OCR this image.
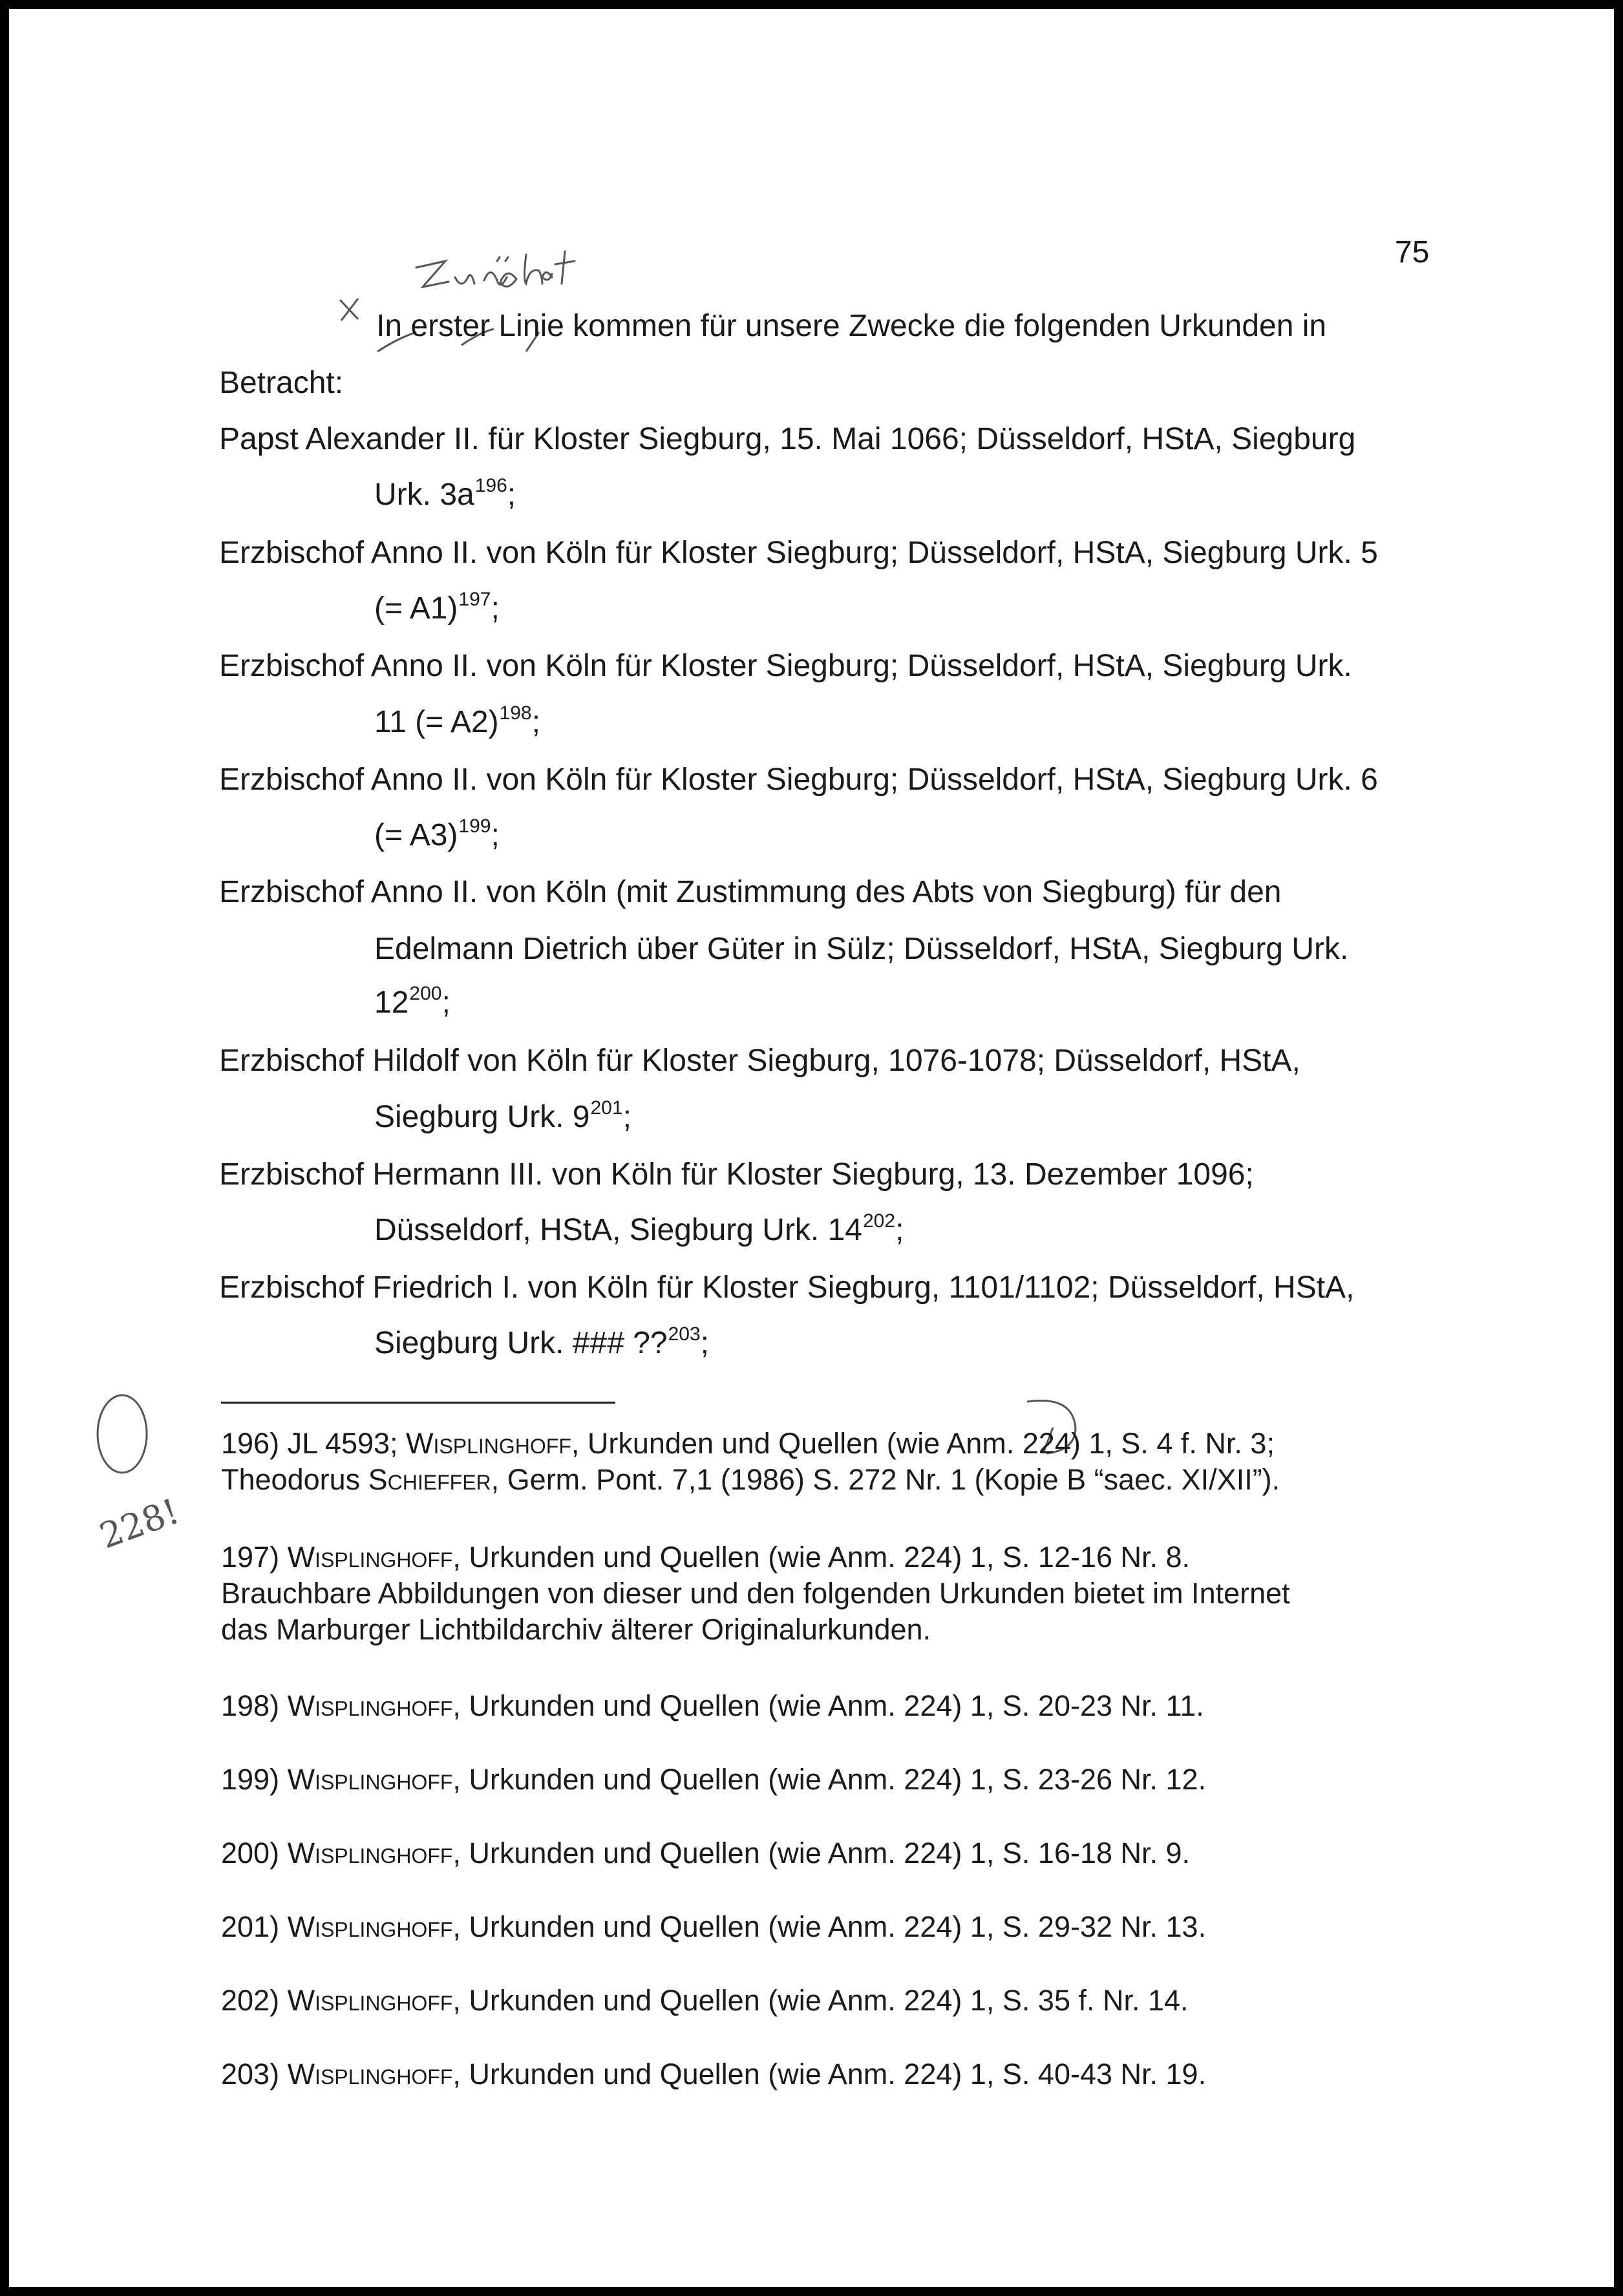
75
228!
In erster Linie kommen für unsere Zwecke die folgenden Urkunden in
Betracht:
Papst Alexander II. für Kloster Siegburg, 15. Mai 1066; Düsseldorf, HStA, Siegburg
Urk. $3a^{196}$;
Erzbischof Anno II. von Köln für Kloster Siegburg; Düsseldorf, HStA, Siegburg Urk. 5
(= A1)$^{197}$;
Erzbischof Anno II. von Köln für Kloster Siegburg; Düsseldorf, HStA, Siegburg Urk.
11 (= A2)$^{198}$;
Erzbischof Anno II. von Köln für Kloster Siegburg; Düsseldorf, HStA, Siegburg Urk. 6
(= A3)$^{199}$;
Erzbischof Anno II. von Köln (mit Zustimmung des Abts von Siegburg) für den
Edelmann Dietrich über Güter in Sülz; Düsseldorf, HStA, Siegburg Urk.
$12^{200}$;
Erzbischof Hildolf von Köln für Kloster Siegburg, 1076-1078; Düsseldorf, HStA,
Siegburg Urk. $9^{201}$;
Erzbischof Hermann III. von Köln für Kloster Siegburg, 13. Dezember 1096;
Düsseldorf, HStA, Siegburg Urk. $14^{202}$;
Erzbischof Friedrich I. von Köln für Kloster Siegburg, 1101/1102; Düsseldorf, HStA,
Siegburg Urk. ### ??$^{203}$;
196) JL 4593; Wisplinghoff, Urkunden und Quellen (wie Anm. 224) 1, S. 4 f. Nr. 3;
Theodorus Schieffer, Germ. Pont. 7,1 (1986) S. 272 Nr. 1 (Kopie B “saec. XI/XII”).
197) Wisplinghoff, Urkunden und Quellen (wie Anm. 224) 1, S. 12-16 Nr. 8.
Brauchbare Abbildungen von dieser und den folgenden Urkunden bietet im Internet
das Marburger Lichtbildarchiv älterer Originalurkunden.
198) Wisplinghoff, Urkunden und Quellen (wie Anm. 224) 1, S. 20-23 Nr. 11.
199) Wisplinghoff, Urkunden und Quellen (wie Anm. 224) 1, S. 23-26 Nr. 12.
200) Wisplinghoff, Urkunden und Quellen (wie Anm. 224) 1, S. 16-18 Nr. 9.
201) Wisplinghoff, Urkunden und Quellen (wie Anm. 224) 1, S. 29-32 Nr. 13.
202) Wisplinghoff, Urkunden und Quellen (wie Anm. 224) 1, S. 35 f. Nr. 14.
203) Wisplinghoff, Urkunden und Quellen (wie Anm. 224) 1, S. 40-43 Nr. 19.
